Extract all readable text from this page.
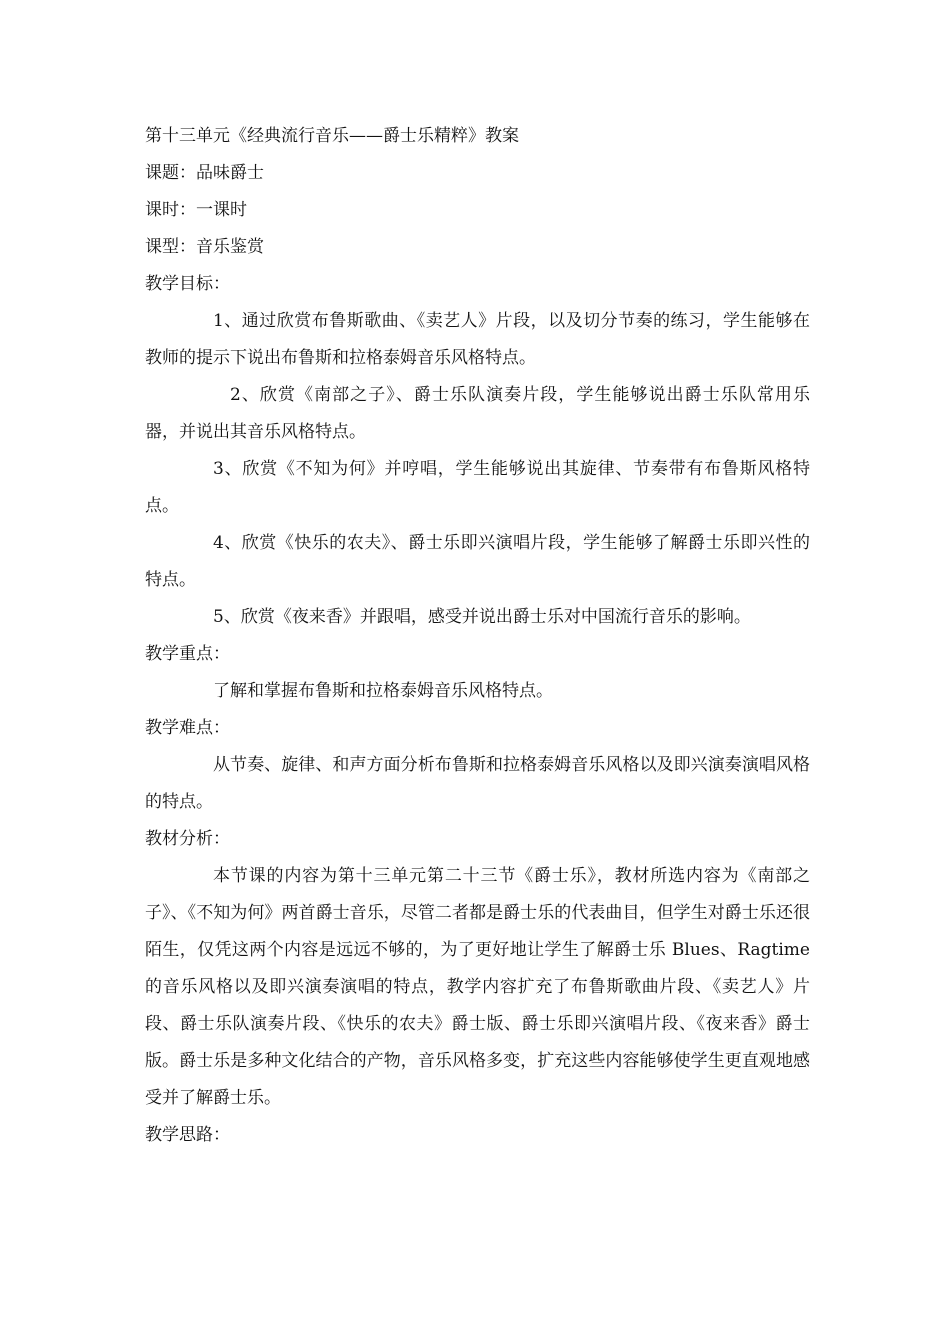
第十三单元《经典流行音乐——爵士乐精粹》教案

课题：品味爵士

课时：一课时

课型：音乐鉴赏

教学目标：

1、通过欣赏布鲁斯歌曲、《卖艺人》片段，以及切分节奏的练习，学生能够在教师的提示下说出布鲁斯和拉格泰姆音乐风格特点。

2、欣赏《南部之子》、爵士乐队演奏片段，学生能够说出爵士乐队常用乐器，并说出其音乐风格特点。

3、欣赏《不知为何》并哼唱，学生能够说出其旋律、节奏带有布鲁斯风格特点。

4、欣赏《快乐的农夫》、爵士乐即兴演唱片段，学生能够了解爵士乐即兴性的特点。

5、欣赏《夜来香》并跟唱，感受并说出爵士乐对中国流行音乐的影响。

教学重点：

了解和掌握布鲁斯和拉格泰姆音乐风格特点。

教学难点：

从节奏、旋律、和声方面分析布鲁斯和拉格泰姆音乐风格以及即兴演奏演唱风格的特点。

教材分析：

本节课的内容为第十三单元第二十三节《爵士乐》，教材所选内容为《南部之子》、《不知为何》两首爵士音乐，尽管二者都是爵士乐的代表曲目，但学生对爵士乐还很陌生，仅凭这两个内容是远远不够的，为了更好地让学生了解爵士乐 Blues、Ragtime 的音乐风格以及即兴演奏演唱的特点，教学内容扩充了布鲁斯歌曲片段、《卖艺人》片段、爵士乐队演奏片段、《快乐的农夫》爵士版、爵士乐即兴演唱片段、《夜来香》爵士版。爵士乐是多种文化结合的产物，音乐风格多变，扩充这些内容能够使学生更直观地感受并了解爵士乐。

教学思路：
